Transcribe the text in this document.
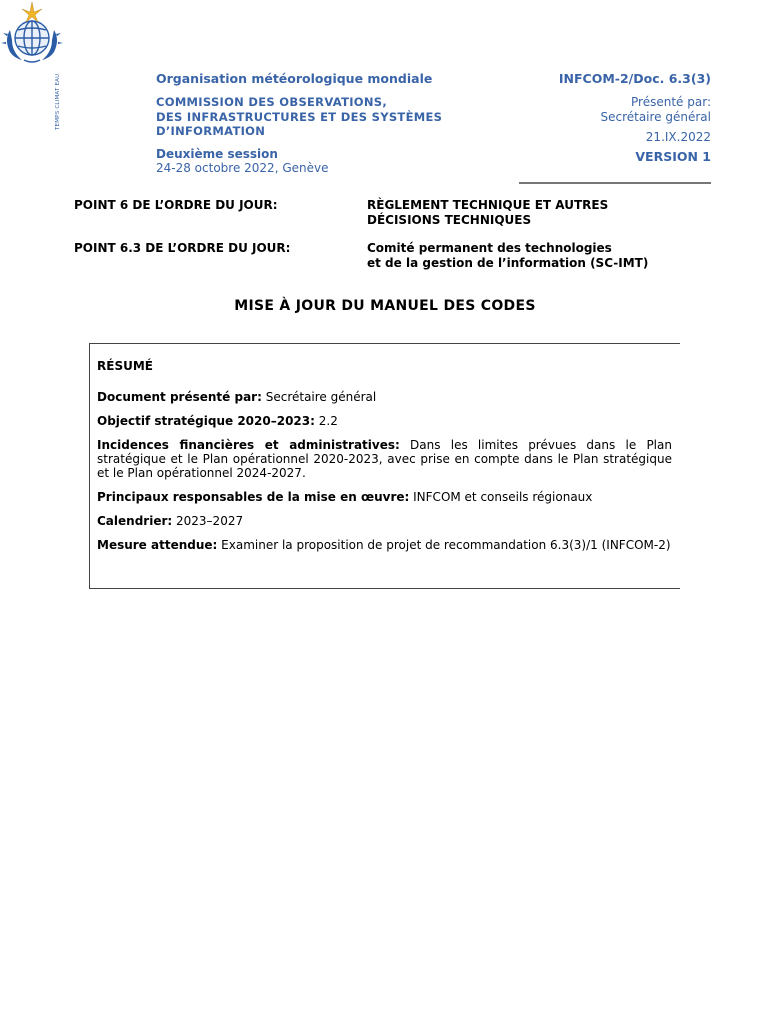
TEMPS CLIMAT EAU	Organisation météorologique mondiale
COMMISSION DES OBSERVATIONS,
DES INFRASTRUCTURES ET DES SYSTÈMES
D’INFORMATION
Deuxième session
24-28 octobre 2022, Genève
INFCOM-2/Doc. 6.3(3)
Présenté par:
Secrétaire général
21.IX.2022
VERSION 1
POINT 6 DE L’ORDRE DU JOUR:	RÈGLEMENT TECHNIQUE ET AUTRES
DÉCISIONS TECHNIQUES
POINT 6.3 DE L’ORDRE DU JOUR:	Comité permanent des technologies
et de la gestion de l’information (SC-IMT)
MISE À JOUR DU MANUEL DES CODES
RÉSUMÉ

Document présenté par: Secrétaire général

Objectif stratégique 2020–2023: 2.2

Incidences financières et administratives: Dans les limites prévues dans le Plan stratégique et le Plan opérationnel 2020-2023, avec prise en compte dans le Plan stratégique et le Plan opérationnel 2024-2027.

Principaux responsables de la mise en œuvre: INFCOM et conseils régionaux

Calendrier: 2023–2027

Mesure attendue: Examiner la proposition de projet de recommandation 6.3(3)/1 (INFCOM-2)
